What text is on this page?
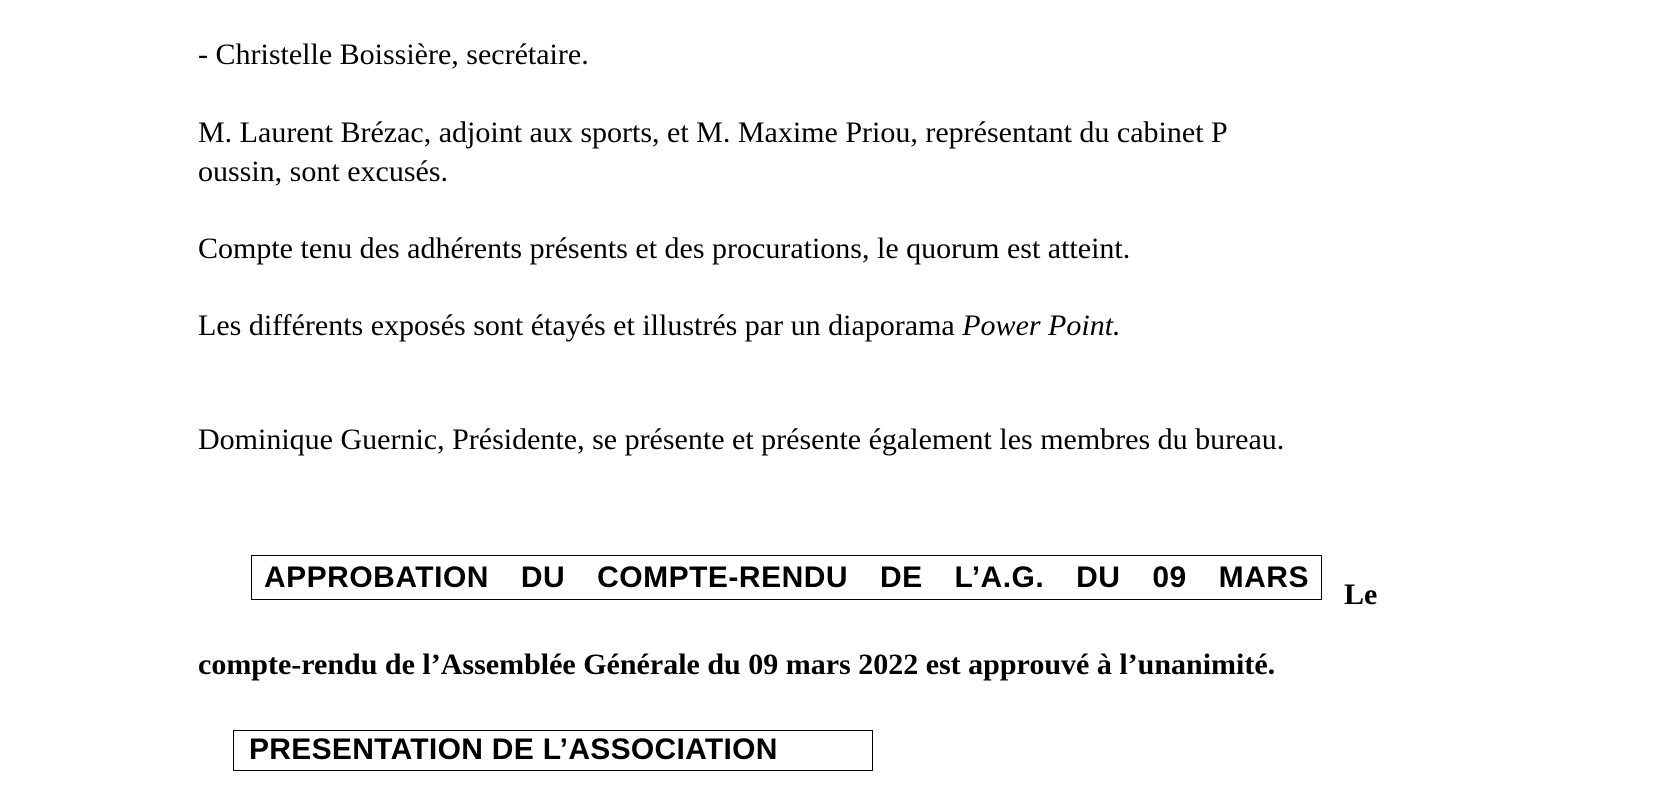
- Christelle Boissière, secrétaire.

M. Laurent Brézac, adjoint aux sports, et M. Maxime Priou, représentant du cabinet P

oussin, sont excusés.

Compte tenu des adhérents présents et des procurations, le quorum est atteint.

Les différents exposés sont étayés et illustrés par un diaporama Power Point.

Dominique Guernic, Présidente, se présente et présente également les membres du bureau.

APPROBATION DU COMPTE-RENDU DE L’A.G. DU 09 MARS
Le

compte-rendu de l’Assemblée Générale du 09 mars 2022 est approuvé à l’unanimité.

PRESENTATION DE L’ASSOCIATION
